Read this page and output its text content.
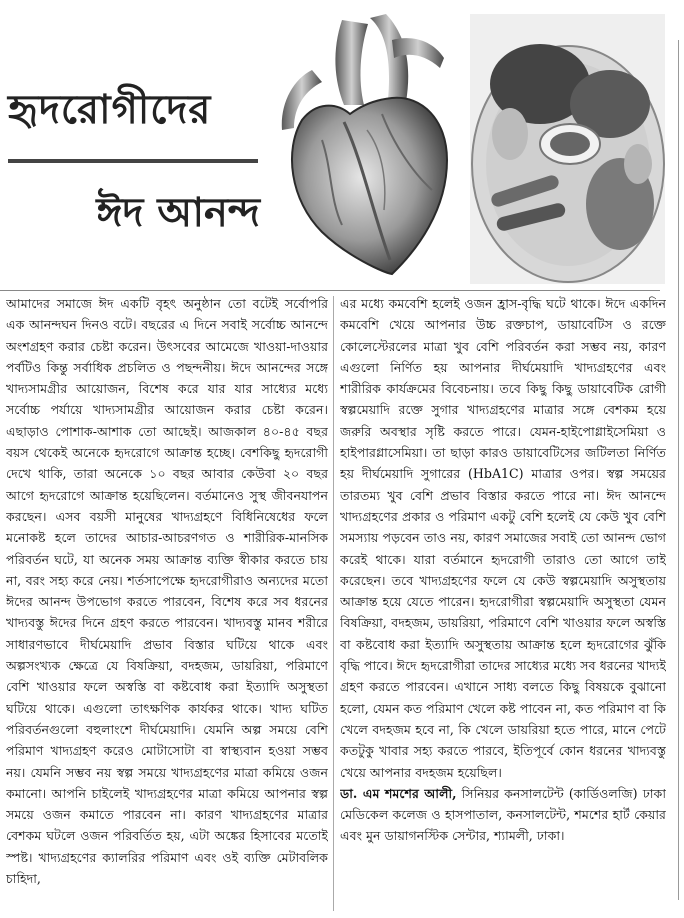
হৃদরোগীদের
ঈদ আনন্দ

আমাদের সমাজে ঈদ একটি বৃহৎ অনুষ্ঠান তো বটেই সর্বোপরি এক আনন্দঘন দিনও বটে। বছরের এ দিনে সবাই সর্বোচ্চ আনন্দে অংশগ্রহণ করার চেষ্টা করেন। উৎসবের আমেজে খাওয়া-দাওয়ার পর্বটিও কিন্তু সর্বাধিক প্রচলিত ও পছন্দনীয়। ঈদে আনন্দের সঙ্গে খাদ্যসামগ্রীর আয়োজন, বিশেষ করে যার যার সাধ্যের মধ্যে সর্বোচ্চ পর্যায়ে খাদ্যসামগ্রীর আয়োজন করার চেষ্টা করেন। এছাড়াও পোশাক-আশাক তো আছেই। আজকাল ৪০-৪৫ বছর বয়স থেকেই অনেকে হৃদরোগে আক্রান্ত হচ্ছে। বেশকিছু হৃদরোগী দেখে থাকি, তারা অনেকে ১০ বছর আবার কেউবা ২০ বছর আগে হৃদরোগে আক্রান্ত হয়েছিলেন। বর্তমানেও সুস্থ জীবনযাপন করছেন। এসব বয়সী মানুষের খাদ্যগ্রহণে বিধিনিষেধের ফলে মনোকষ্ট হলে তাদের আচার-আচরণগত ও শারীরিক-মানসিক পরিবর্তন ঘটে, যা অনেক সময় আক্রান্ত ব্যক্তি স্বীকার করতে চায় না, বরং সহ্য করে নেয়। শর্তসাপেক্ষে হৃদরোগীরাও অন্যদের মতো ঈদের আনন্দ উপভোগ করতে পারবেন, বিশেষ করে সব ধরনের খাদ্যবস্তু ঈদের দিনে গ্রহণ করতে পারবেন। খাদ্যবস্তু মানব শরীরে সাধারণভাবে দীর্ঘমেয়াদি প্রভাব বিস্তার ঘটিয়ে থাকে এবং অল্পসংখ্যক ক্ষেত্রে যে বিষক্রিয়া, বদহজম, ডায়রিয়া, পরিমাণে বেশি খাওয়ার ফলে অস্বস্তি বা কষ্টবোধ করা ইত্যাদি অসুস্থতা ঘটিয়ে থাকে। এগুলো তাৎক্ষণিক কার্যকর থাকে। খাদ্য ঘটিত পরিবর্তনগুলো বহুলাংশে দীর্ঘমেয়াদি। যেমনি অল্প সময়ে বেশি পরিমাণ খাদ্যগ্রহণ করেও মোটাসোটা বা স্বাস্থ্যবান হওয়া সম্ভব নয়। যেমনি সম্ভব নয় স্বল্প সময়ে খাদ্যগ্রহণের মাত্রা কমিয়ে ওজন কমানো। আপনি চাইলেই খাদ্যগ্রহণের মাত্রা কমিয়ে আপনার স্বল্প সময়ে ওজন কমাতে পারবেন না। কারণ খাদ্যগ্রহণের মাত্রার বেশকম ঘটলে ওজন পরিবর্তিত হয়, এটা অঙ্কের হিসাবের মতোই স্পষ্ট। খাদ্যগ্রহণের ক্যালরির পরিমাণ এবং ওই ব্যক্তি মেটাবলিক চাহিদা,

এর মধ্যে কমবেশি হলেই ওজন হ্রাস-বৃদ্ধি ঘটে থাকে। ঈদে একদিন কমবেশি খেয়ে আপনার উচ্চ রক্তচাপ, ডায়াবেটিস ও রক্তে কোলেস্টেরলের মাত্রা খুব বেশি পরিবর্তন করা সম্ভব নয়, কারণ এগুলো নির্ণিত হয় আপনার দীর্ঘমেয়াদি খাদ্যগ্রহণের এবং শারীরিক কার্যক্রমের বিবেচনায়। তবে কিছু কিছু ডায়াবেটিক রোগী স্বল্পমেয়াদি রক্তে সুগার খাদ্যগ্রহণের মাত্রার সঙ্গে বেশকম হয়ে জরুরি অবস্থার সৃষ্টি করতে পারে। যেমন-হাইপোগ্লাইসেমিয়া ও হাইপারগ্লাসেমিয়া। তা ছাড়া কারও ডায়াবেটিসের জটিলতা নির্ণিত হয় দীর্ঘমেয়াদি সুগারের (HbA1C) মাত্রার ওপর। স্বল্প সময়ের তারতম্য খুব বেশি প্রভাব বিস্তার করতে পারে না। ঈদ আনন্দে খাদ্যগ্রহণের প্রকার ও পরিমাণ একটু বেশি হলেই যে কেউ খুব বেশি সমস্যায় পড়বেন তাও নয়, কারণ সমাজের সবাই তো আনন্দ ভোগ করেই থাকে। যারা বর্তমানে হৃদরোগী তারাও তো আগে তাই করেছেন। তবে খাদ্যগ্রহণের ফলে যে কেউ স্বল্পমেয়াদি অসুস্থতায় আক্রান্ত হয়ে যেতে পারেন। হৃদরোগীরা স্বল্পমেয়াদি অসুস্থতা যেমন বিষক্রিয়া, বদহজম, ডায়রিয়া, পরিমাণে বেশি খাওয়ার ফলে অস্বস্তি বা কষ্টবোধ করা ইত্যাদি অসুস্থতায় আক্রান্ত হলে হৃদরোগের ঝুঁকি বৃদ্ধি পাবে। ঈদে হৃদরোগীরা তাদের সাধ্যের মধ্যে সব ধরনের খাদ্যই গ্রহণ করতে পারবেন। এখানে সাধ্য বলতে কিছু বিষয়কে বুঝানো হলো, যেমন কত পরিমাণ খেলে কষ্ট পাবেন না, কত পরিমাণ বা কি খেলে বদহজম হবে না, কি খেলে ডায়রিয়া হতে পারে, মানে পেটে কতটুকু খাবার সহ্য করতে পারবে, ইতিপূর্বে কোন ধরনের খাদ্যবস্তু খেয়ে আপনার বদহজম হয়েছিল।

ডা. এম শমশের আলী, সিনিয়র কনসালটেন্ট (কার্ডিওলজি) ঢাকা মেডিকেল কলেজ ও হাসপাতাল, কনসালটেন্ট, শমশের হার্ট কেয়ার এবং মুন ডায়াগনস্টিক সেন্টার, শ্যামলী, ঢাকা।
